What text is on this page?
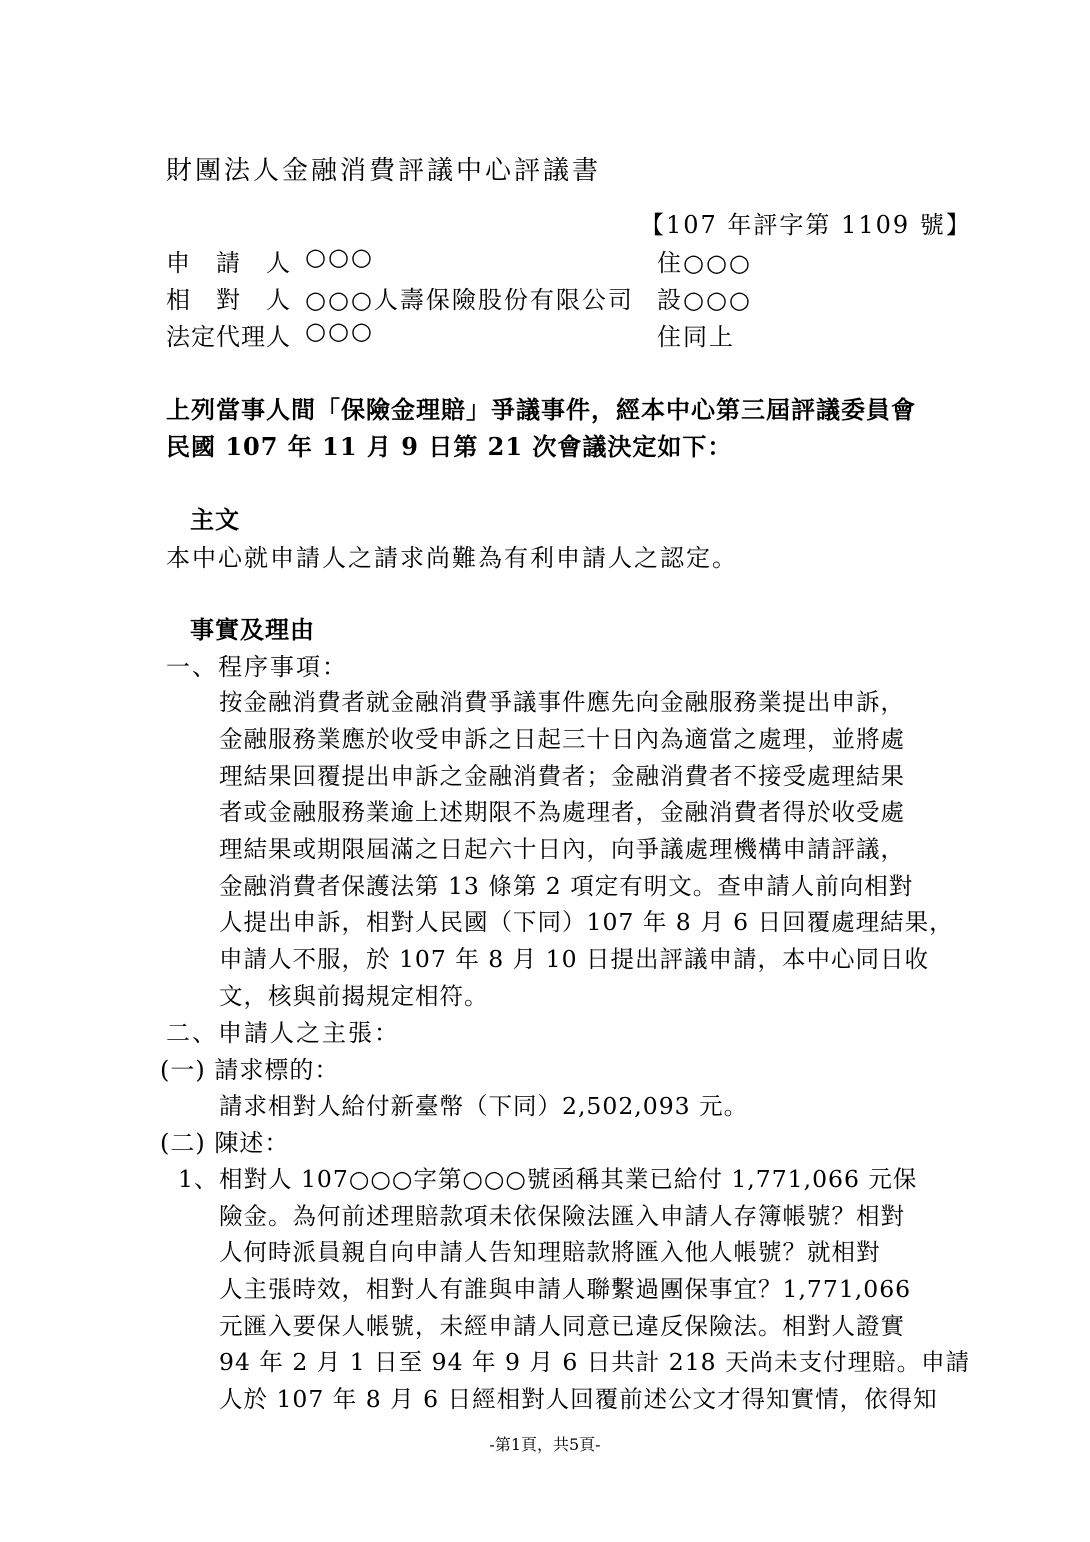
財團法人金融消費評議中心評議書
【107 年評字第 1109 號】
申　請　人 ○○○	住○○○
相　對　人 ○○○人壽保險股份有限公司 設○○○
法定代理人 ○○○	住同上
上列當事人間「保險金理賠」爭議事件，經本中心第三屆評議委員會
民國 107 年 11 月 9 日第 21 次會議決定如下：
主文
本中心就申請人之請求尚難為有利申請人之認定。
事實及理由
一、程序事項：
按金融消費者就金融消費爭議事件應先向金融服務業提出申訴，
金融服務業應於收受申訴之日起三十日內為適當之處理，並將處
理結果回覆提出申訴之金融消費者；金融消費者不接受處理結果
者或金融服務業逾上述期限不為處理者，金融消費者得於收受處
理結果或期限屆滿之日起六十日內，向爭議處理機構申請評議，
金融消費者保護法第 13 條第 2 項定有明文。查申請人前向相對
人提出申訴，相對人民國（下同）107 年 8 月 6 日回覆處理結果，
申請人不服，於 107 年 8 月 10 日提出評議申請，本中心同日收
文，核與前揭規定相符。
二、申請人之主張：
(一) 請求標的：
請求相對人給付新臺幣（下同）2,502,093 元。
(二) 陳述：
1、 相對人 107○○○字第○○○號函稱其業已給付 1,771,066 元保
險金。為何前述理賠款項未依保險法匯入申請人存簿帳號？相對
人何時派員親自向申請人告知理賠款將匯入他人帳號？就相對
人主張時效，相對人有誰與申請人聯繫過團保事宜？1,771,066
元匯入要保人帳號，未經申請人同意已違反保險法。相對人證實
94 年 2 月 1 日至 94 年 9 月 6 日共計 218 天尚未支付理賠。申請
人於 107 年 8 月 6 日經相對人回覆前述公文才得知實情，依得知
-第1頁，共5頁-
